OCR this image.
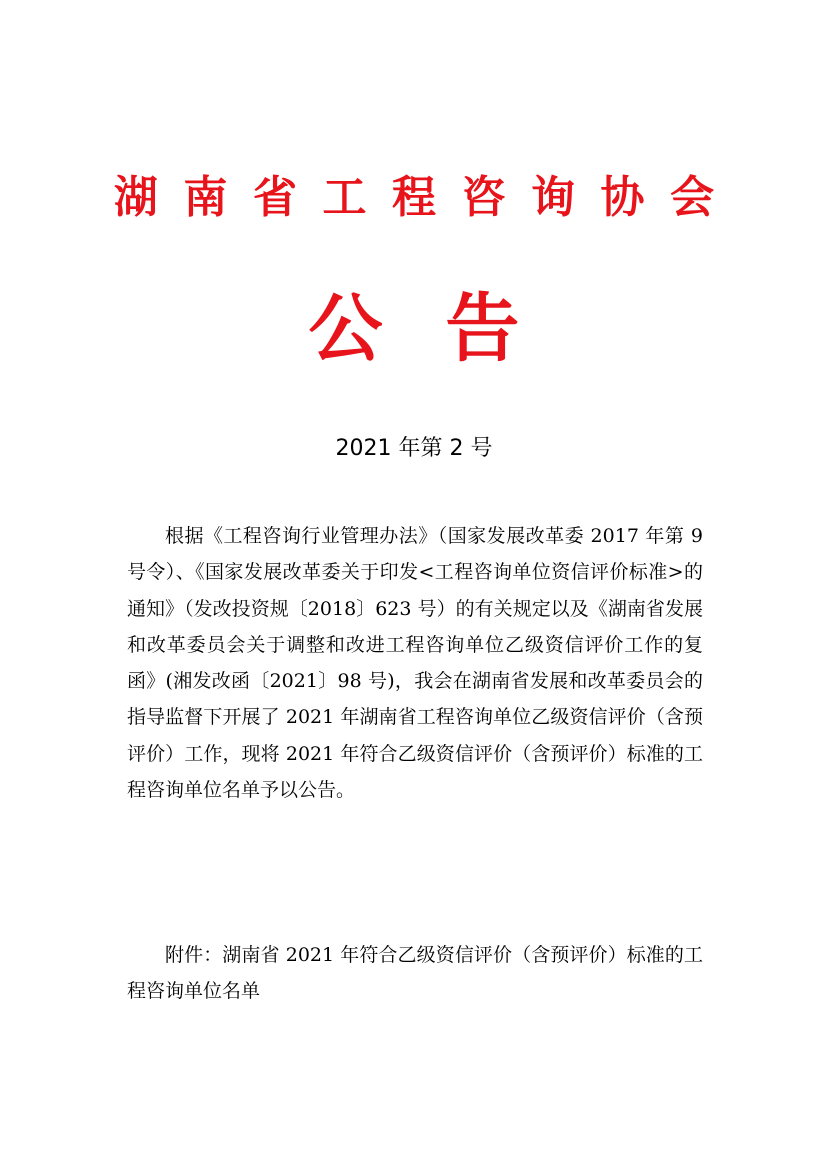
湖南省工程咨询协会
公告
2021 年第 2 号

根据《工程咨询行业管理办法》（国家发展改革委 2017 年第 9 号令）、《国家发展改革委关于印发<工程咨询单位资信评价标准>的通知》（发改投资规〔2018〕623 号）的有关规定以及《湖南省发展和改革委员会关于调整和改进工程咨询单位乙级资信评价工作的复函》(湘发改函〔2021〕98 号)，我会在湖南省发展和改革委员会的指导监督下开展了 2021 年湖南省工程咨询单位乙级资信评价（含预评价）工作，现将 2021 年符合乙级资信评价（含预评价）标准的工程咨询单位名单予以公告。

附件：湖南省 2021 年符合乙级资信评价（含预评价）标准的工程咨询单位名单
